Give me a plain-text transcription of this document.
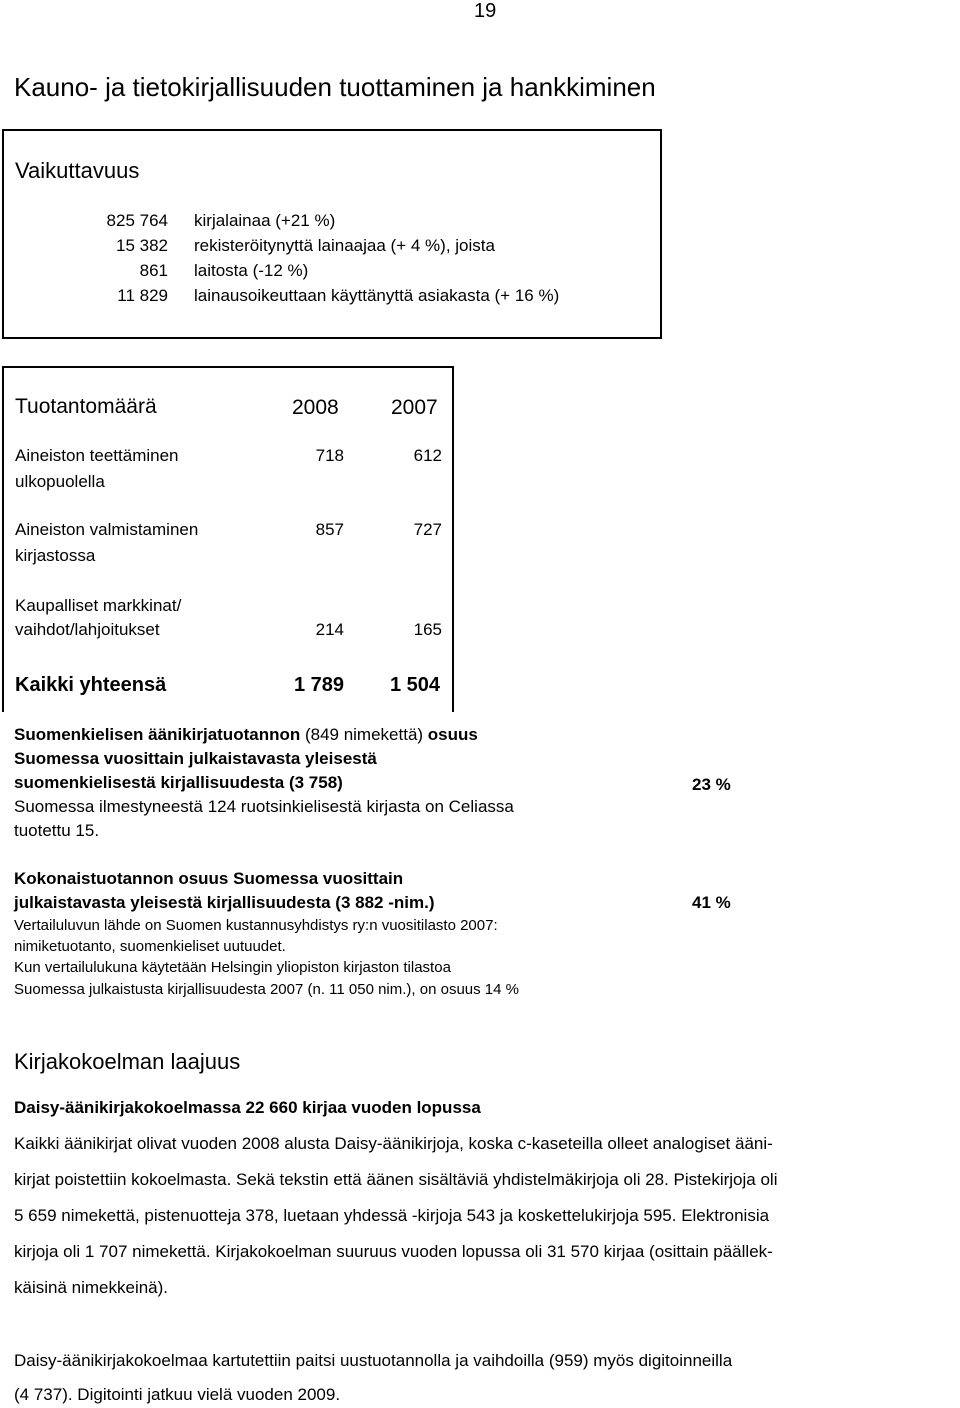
19
Kauno- ja tietokirjallisuuden tuottaminen ja hankkiminen
Vaikuttavuus
825 764 kirjalainaa (+21 %)
15 382 rekisteröitynyttä lainaajaa (+ 4 %), joista
861 laitosta (-12 %)
11 829 lainausoikeuttaan käyttänyttä asiakasta (+ 16 %)
Tuotantomäärä	2008 2007
Aineiston teettäminen
ulkopuolella
718	612
Aineiston valmistaminen
kirjastossa
857	727
Kaupalliset markkinat/
vaihdot/lahjoitukset	214	165
Kaikki yhteensä	1 789	1 504
Suomenkielisen äänikirjatuotannon (849 nimekettä) osuus
Suomessa vuosittain julkaistavasta yleisestä
suomenkielisestä kirjallisuudesta (3 758)	23 %
Suomessa ilmestyneestä 124 ruotsinkielisestä kirjasta on Celiassa
tuotettu 15.
Kokonaistuotannon osuus Suomessa vuosittain
julkaistavasta yleisestä kirjallisuudesta (3 882 -nim.)	41 %
Vertailuluvun lähde on Suomen kustannusyhdistys ry:n vuositilasto 2007:
nimiketuotanto, suomenkieliset uutuudet.
Kun vertailulukuna käytetään Helsingin yliopiston kirjaston tilastoa
Suomessa julkaistusta kirjallisuudesta 2007 (n. 11 050 nim.), on osuus 14 %
Kirjakokoelman laajuus
Daisy-äänikirjakokoelmassa 22 660 kirjaa vuoden lopussa
Kaikki äänikirjat olivat vuoden 2008 alusta Daisy-äänikirjoja, koska c-kaseteilla olleet analogiset ääni-
kirjat poistettiin kokoelmasta. Sekä tekstin että äänen sisältäviä yhdistelmäkirjoja oli 28. Pistekirjoja oli
5 659 nimekettä, pistenuotteja 378, luetaan yhdessä -kirjoja 543 ja koskettelukirjoja 595. Elektronisia
kirjoja oli 1 707 nimekettä. Kirjakokoelman suuruus vuoden lopussa oli 31 570 kirjaa (osittain päällek-
käisinä nimekkeinä).
Daisy-äänikirjakokoelmaa kartutettiin paitsi uustuotannolla ja vaihdoilla (959) myös digitoinneilla
(4 737). Digitointi jatkuu vielä vuoden 2009.
